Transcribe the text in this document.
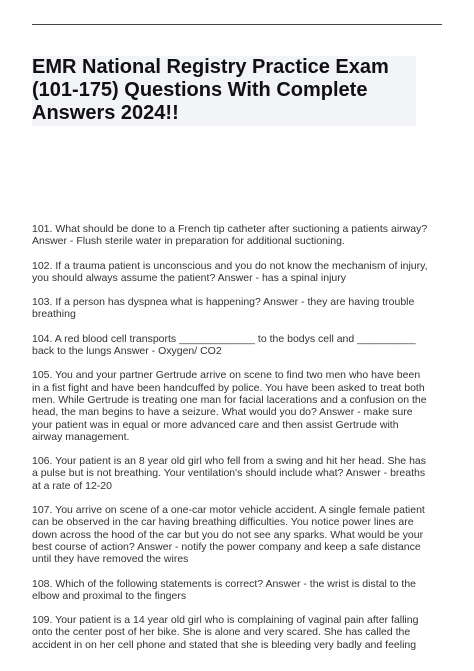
EMR National Registry Practice Exam (101-175) Questions With Complete Answers 2024!!

101. What should be done to a French tip catheter after suctioning a patients airway? Answer - Flush sterile water in preparation for additional suctioning.

102. If a trauma patient is unconscious and you do not know the mechanism of injury, you should always assume the patient? Answer - has a spinal injury

103. If a person has dyspnea what is happening? Answer - they are having trouble breathing

104. A red blood cell transports _____________ to the bodys cell and __________ back to the lungs Answer - Oxygen/ CO2

105. You and your partner Gertrude arrive on scene to find two men who have been in a fist fight and have been handcuffed by police. You have been asked to treat both men. While Gertrude is treating one man for facial lacerations and a confusion on the head, the man begins to have a seizure. What would you do? Answer - make sure your patient was in equal or more advanced care and then assist Gertrude with airway management.

106. Your patient is an 8 year old girl who fell from a swing and hit her head. She has a pulse but is not breathing. Your ventilation's should include what? Answer - breaths at a rate of 12-20

107. You arrive on scene of a one-car motor vehicle accident. A single female patient can be observed in the car having breathing difficulties. You notice power lines are down across the hood of the car but you do not see any sparks. What would be your best course of action? Answer - notify the power company and keep a safe distance until they have removed the wires

108. Which of the following statements is correct? Answer - the wrist is distal to the elbow and proximal to the fingers

109. Your patient is a 14 year old girl who is complaining of vaginal pain after falling onto the center post of her bike. She is alone and very scared. She has called the accident in on her cell phone and stated that she is bleeding very badly and feeling
